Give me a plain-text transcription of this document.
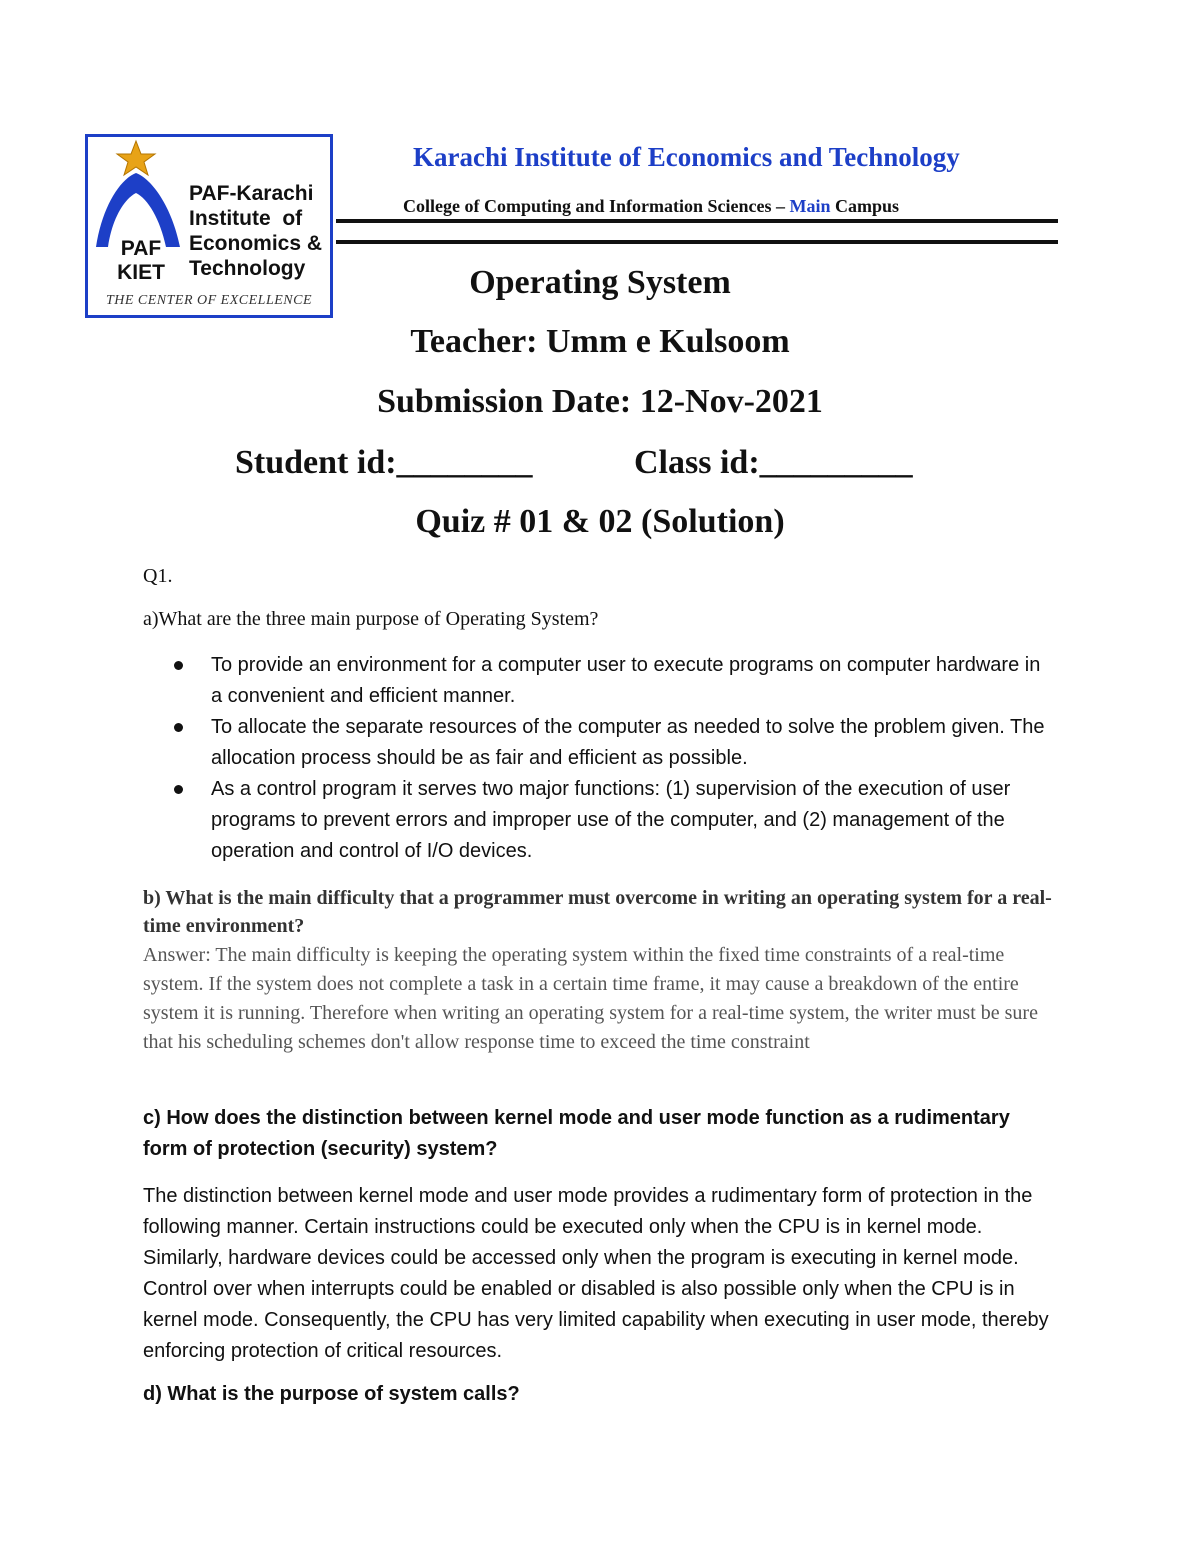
PAF-Karachi
Institute  of
Economics &
Technology
PAF
KIET
THE CENTER OF EXCELLENCE
Karachi Institute of Economics and Technology
College of Computing and Information Sciences – Main Campus
Operating System
Teacher: Umm e Kulsoom
Submission Date: 12-Nov-2021
Student id:________	Class id:_________
Quiz # 01 & 02 (Solution)
Q1.
a)What are the three main purpose of Operating System?
To provide an environment for a computer user to execute programs on computer hardware in a convenient and efficient manner.
To allocate the separate resources of the computer as needed to solve the problem given. The allocation process should be as fair and efficient as possible.
As a control program it serves two major functions: (1) supervision of the execution of user programs to prevent errors and improper use of the computer, and (2) management of the operation and control of I/O devices.
b) What is the main difficulty that a programmer must overcome in writing an operating system for a real-time environment?
Answer: The main difficulty is keeping the operating system within the fixed time constraints of a real-time system. If the system does not complete a task in a certain time frame, it may cause a breakdown of the entire system it is running. Therefore when writing an operating system for a real-time system, the writer must be sure that his scheduling schemes don't allow response time to exceed the time constraint
c) How does the distinction between kernel mode and user mode function as a rudimentary form of protection (security) system?
The distinction between kernel mode and user mode provides a rudimentary form of protection in the following manner. Certain instructions could be executed only when the CPU is in kernel mode. Similarly, hardware devices could be accessed only when the program is executing in kernel mode. Control over when interrupts could be enabled or disabled is also possible only when the CPU is in kernel mode. Consequently, the CPU has very limited capability when executing in user mode, thereby enforcing protection of critical resources.
d) What is the purpose of system calls?
